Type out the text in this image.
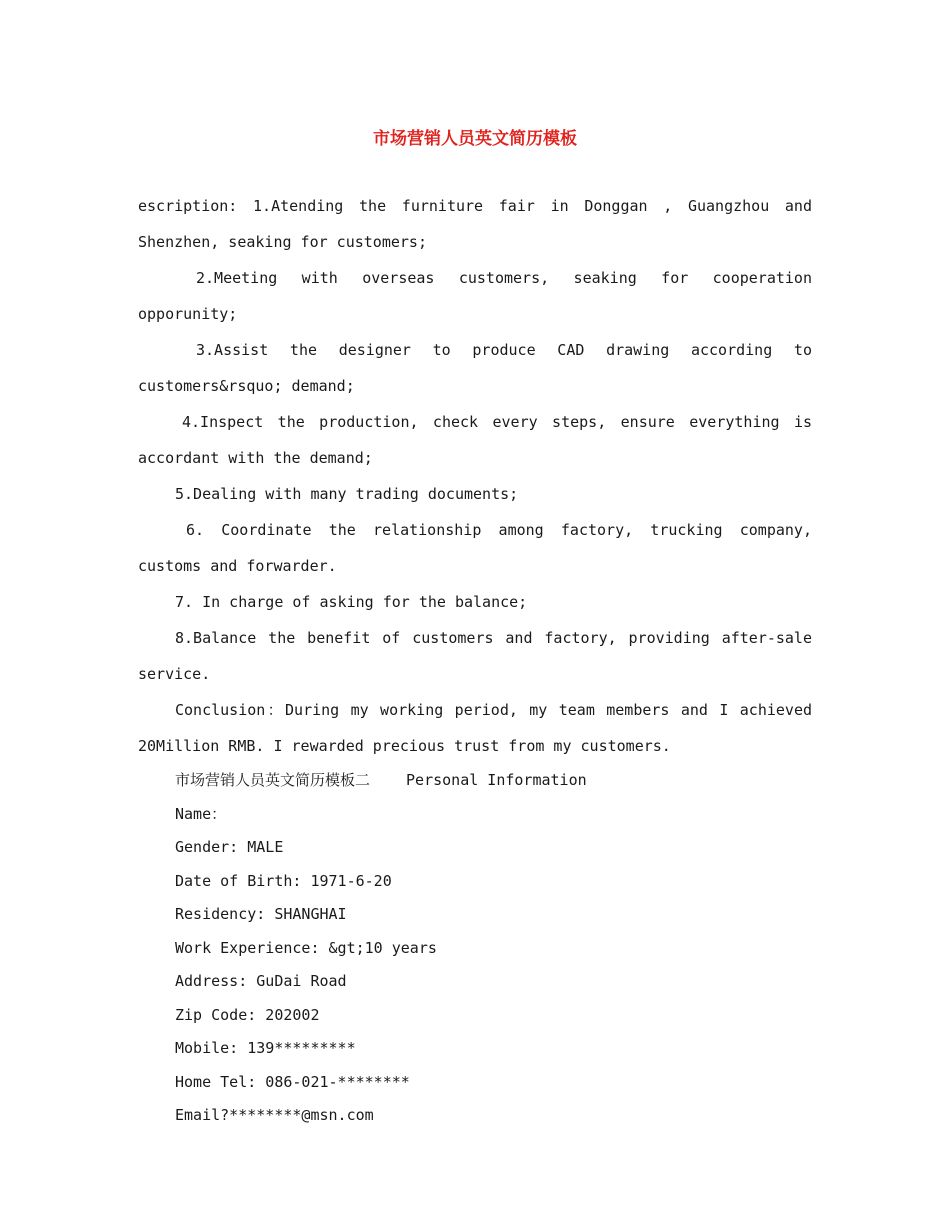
市场营销人员英文简历模板

escription: 1.Atending the furniture fair in Donggan , Guangzhou and Shenzhen, seaking for customers;

2.Meeting with overseas customers, seaking for cooperation opporunity;

3.Assist the designer to produce CAD drawing according to customers&rsquo; demand;

4.Inspect the production, check every steps, ensure everything is accordant with the demand;

5.Dealing with many trading documents;

6. Coordinate the relationship among factory, trucking company, customs and forwarder.

7. In charge of asking for the balance;

8.Balance the benefit of customers and factory, providing after-sale service.

Conclusion：During my working period, my team members and I achieved 20Million RMB. I rewarded precious trust from my customers.

市场营销人员英文简历模板二 Personal Information

Name：

Gender: MALE

Date of Birth: 1971-6-20

Residency: SHANGHAI

Work Experience: &gt;10 years

Address: GuDai Road

Zip Code: 202002

Mobile: 139*********

Home Tel: 086-021-********

Email?********@msn.com
